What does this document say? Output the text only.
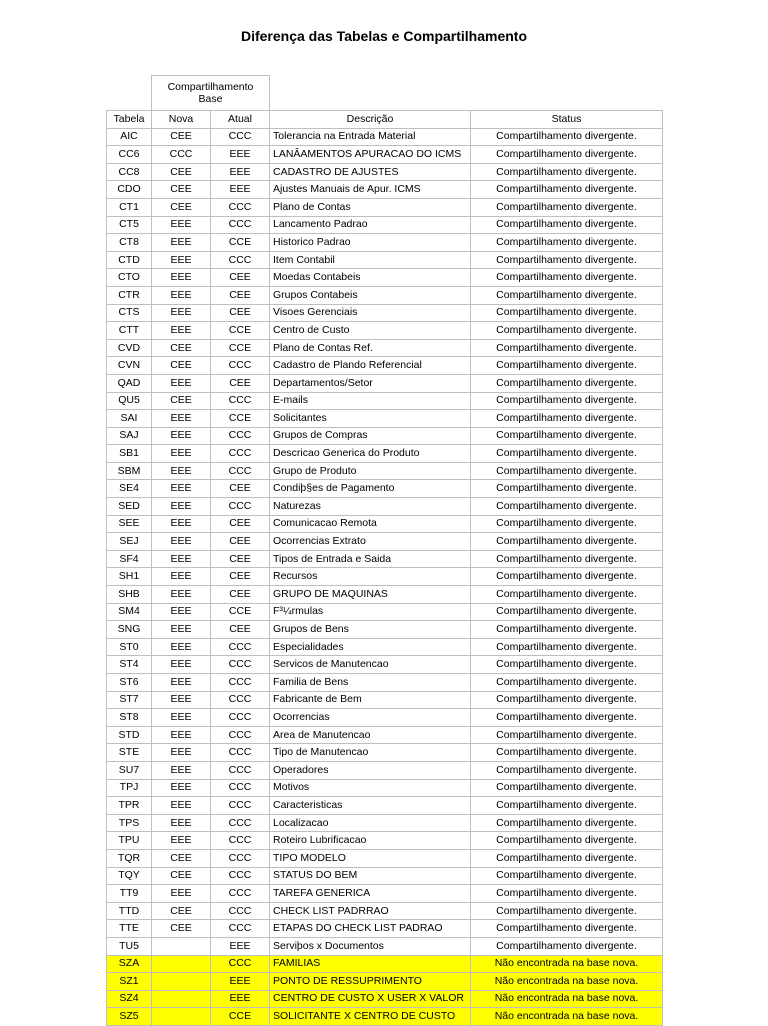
Diferença das Tabelas e Compartilhamento
	Compartilhamento Base			
Tabela	Nova	Atual	Descrição	Status
AIC	CEE	CCC	Tolerancia na Entrada Material	Compartilhamento divergente.
CC6	CCC	EEE	LANÂAMENTOS APURACAO DO ICMS	Compartilhamento divergente.
CC8	CEE	EEE	CADASTRO DE AJUSTES	Compartilhamento divergente.
CDO	CEE	EEE	Ajustes Manuais de Apur. ICMS	Compartilhamento divergente.
CT1	CEE	CCC	Plano de Contas	Compartilhamento divergente.
CT5	EEE	CCC	Lancamento Padrao	Compartilhamento divergente.
CT8	EEE	CCE	Historico Padrao	Compartilhamento divergente.
CTD	EEE	CCC	Item Contabil	Compartilhamento divergente.
CTO	EEE	CEE	Moedas Contabeis	Compartilhamento divergente.
CTR	EEE	CEE	Grupos Contabeis	Compartilhamento divergente.
CTS	EEE	CEE	Visoes Gerenciais	Compartilhamento divergente.
CTT	EEE	CCE	Centro de Custo	Compartilhamento divergente.
CVD	CEE	CCE	Plano de Contas Ref.	Compartilhamento divergente.
CVN	CEE	CCC	Cadastro de Plando Referencial	Compartilhamento divergente.
QAD	EEE	CEE	Departamentos/Setor	Compartilhamento divergente.
QU5	CEE	CCC	E-mails	Compartilhamento divergente.
SAI	EEE	CCE	Solicitantes	Compartilhamento divergente.
SAJ	EEE	CCC	Grupos de Compras	Compartilhamento divergente.
SB1	EEE	CCC	Descricao Generica do Produto	Compartilhamento divergente.
SBM	EEE	CCC	Grupo de Produto	Compartilhamento divergente.
SE4	EEE	CEE	Condiþ§es de Pagamento	Compartilhamento divergente.
SED	EEE	CCC	Naturezas	Compartilhamento divergente.
SEE	EEE	CEE	Comunicacao Remota	Compartilhamento divergente.
SEJ	EEE	CEE	Ocorrencias Extrato	Compartilhamento divergente.
SF4	EEE	CEE	Tipos de Entrada e Saida	Compartilhamento divergente.
SH1	EEE	CEE	Recursos	Compartilhamento divergente.
SHB	EEE	CEE	GRUPO DE MAQUINAS	Compartilhamento divergente.
SM4	EEE	CCE	F³¼rmulas	Compartilhamento divergente.
SNG	EEE	CEE	Grupos de Bens	Compartilhamento divergente.
ST0	EEE	CCC	Especialidades	Compartilhamento divergente.
ST4	EEE	CCC	Servicos de Manutencao	Compartilhamento divergente.
ST6	EEE	CCC	Familia de Bens	Compartilhamento divergente.
ST7	EEE	CCC	Fabricante de Bem	Compartilhamento divergente.
ST8	EEE	CCC	Ocorrencias	Compartilhamento divergente.
STD	EEE	CCC	Area de Manutencao	Compartilhamento divergente.
STE	EEE	CCC	Tipo de Manutencao	Compartilhamento divergente.
SU7	EEE	CCC	Operadores	Compartilhamento divergente.
TPJ	EEE	CCC	Motivos	Compartilhamento divergente.
TPR	EEE	CCC	Caracteristicas	Compartilhamento divergente.
TPS	EEE	CCC	Localizacao	Compartilhamento divergente.
TPU	EEE	CCC	Roteiro Lubrificacao	Compartilhamento divergente.
TQR	CEE	CCC	TIPO MODELO	Compartilhamento divergente.
TQY	CEE	CCC	STATUS DO BEM	Compartilhamento divergente.
TT9	EEE	CCC	TAREFA GENERICA	Compartilhamento divergente.
TTD	CEE	CCC	CHECK LIST PADRRAO	Compartilhamento divergente.
TTE	CEE	CCC	ETAPAS DO CHECK LIST PADRAO	Compartilhamento divergente.
TU5		EEE	Serviþos x Documentos	Compartilhamento divergente.
SZA		CCC	FAMILIAS	Não encontrada na base nova.
SZ1		EEE	PONTO DE RESSUPRIMENTO	Não encontrada na base nova.
SZ4		EEE	CENTRO DE CUSTO X USER X VALOR	Não encontrada na base nova.
SZ5		CCE	SOLICITANTE X CENTRO DE CUSTO	Não encontrada na base nova.
